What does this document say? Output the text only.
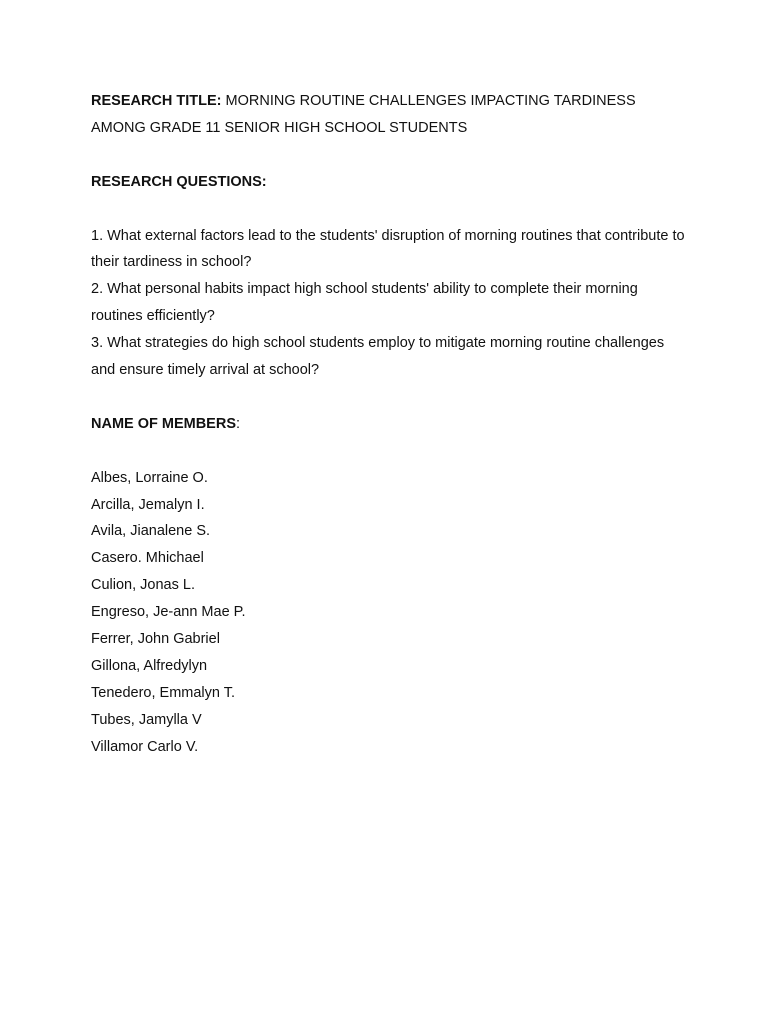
RESEARCH TITLE: MORNING ROUTINE CHALLENGES IMPACTING TARDINESS AMONG GRADE 11 SENIOR HIGH SCHOOL STUDENTS

RESEARCH QUESTIONS:

1. What external factors lead to the students' disruption of morning routines that contribute to their tardiness in school?
2. What personal habits impact high school students' ability to complete their morning routines efficiently?
3. What strategies do high school students employ to mitigate morning routine challenges and ensure timely arrival at school?

NAME OF MEMBERS:

Albes, Lorraine O.
Arcilla, Jemalyn I.
Avila, Jianalene S.
Casero. Mhichael
Culion, Jonas L.
Engreso, Je-ann Mae P.
Ferrer, John Gabriel
Gillona, Alfredylyn
Tenedero, Emmalyn T.
Tubes, Jamylla V
Villamor Carlo V.
